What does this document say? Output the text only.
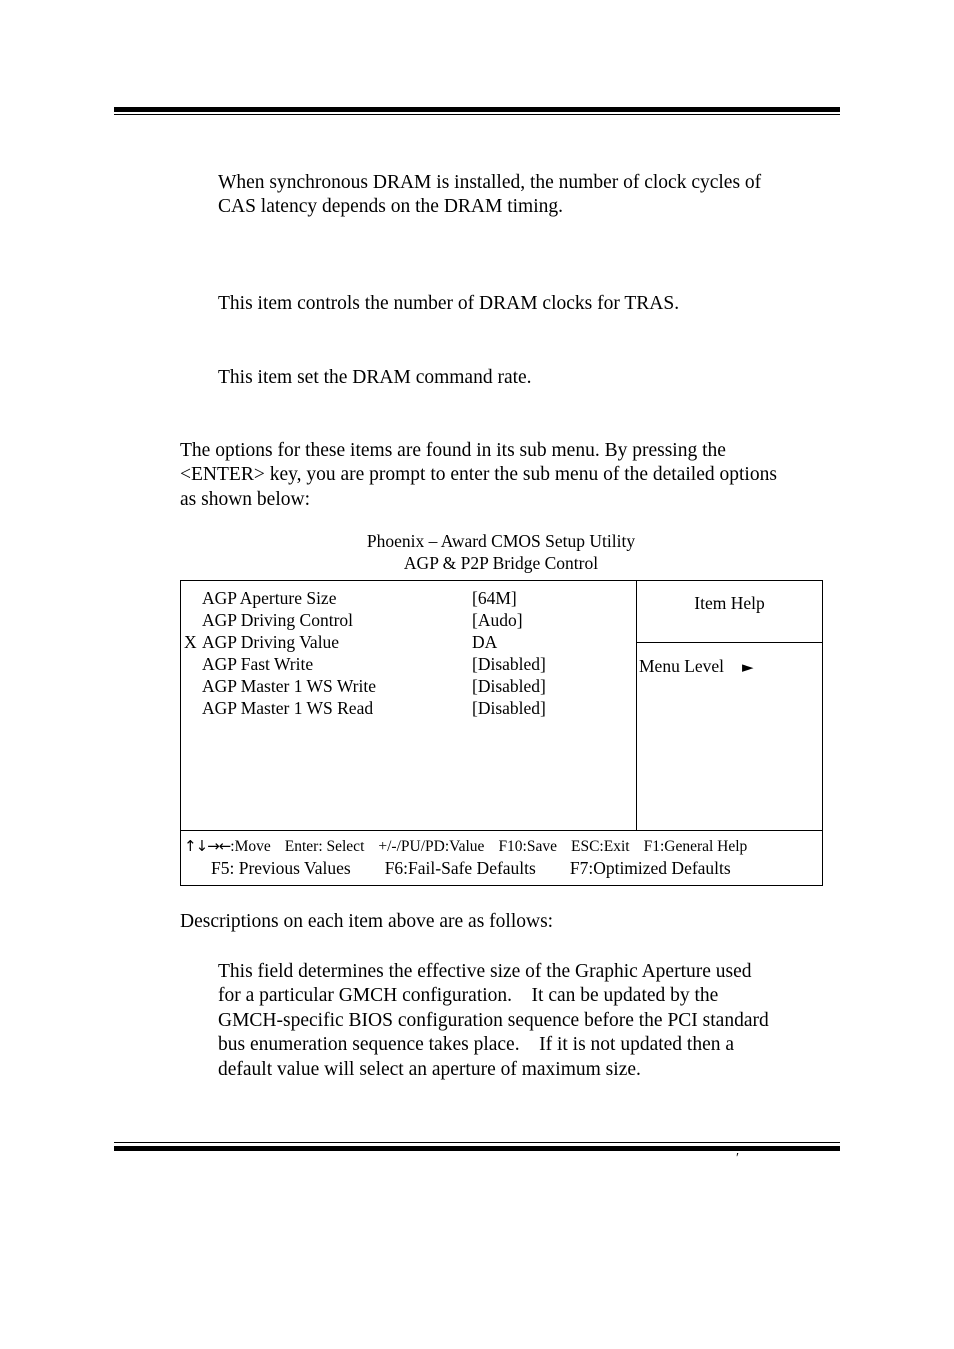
When synchronous DRAM is installed, the number of clock cycles of
CAS latency depends on the DRAM timing.
This item controls the number of DRAM clocks for TRAS.
This item set the DRAM command rate.
The options for these items are found in its sub menu. By pressing the
<ENTER> key, you are prompt to enter the sub menu of the detailed options
as shown below:
Phoenix – Award CMOS Setup Utility
AGP & P2P Bridge Control
AGP Aperture Size	[64M]
AGP Driving Control	[Audo]
X AGP Driving Value	DA
AGP Fast Write	[Disabled]
AGP Master 1 WS Write	[Disabled]
AGP Master 1 WS Read	[Disabled]
Item Help
Menu Level ►
↑↓→←:Move Enter: Select +/-/PU/PD:Value F10:Save ESC:Exit F1:General Help
F5: Previous Values F6:Fail-Safe Defaults F7:Optimized Defaults
Descriptions on each item above are as follows:
This field determines the effective size of the Graphic Aperture used
for a particular GMCH configuration.    It can be updated by the
GMCH-specific BIOS configuration sequence before the PCI standard
bus enumeration sequence takes place.    If it is not updated then a
default value will select an aperture of maximum size.
′
